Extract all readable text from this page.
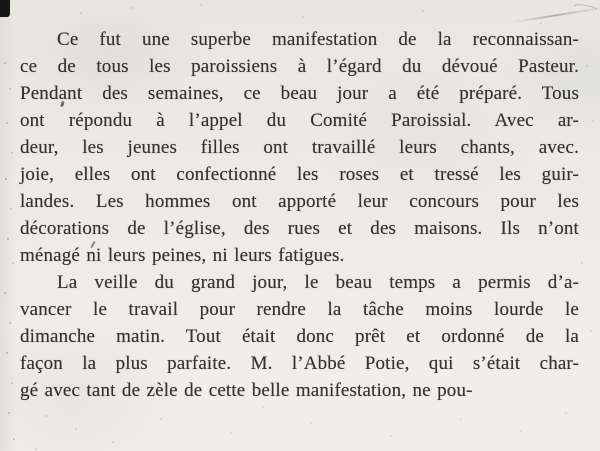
Ce fut une superbe manifestation de la reconnaissan-
ce de tous les paroissiens à l’égard du dévoué Pasteur.
Pendant des semaines, ce beau jour a été préparé. Tous
ont répondu à l’appel du Comité Paroissial. Avec ar-
deur, les jeunes filles ont travaillé leurs chants, avec.
joie, elles ont confectionné les roses et tressé les guir-
landes. Les hommes ont apporté leur concours pour les
décorations de l’église, des rues et des maisons. Ils n’ont
ménagé ni leurs peines, ni leurs fatigues.
La veille du grand jour, le beau temps a permis d’a-
vancer le travail pour rendre la tâche moins lourde le
dimanche matin. Tout était donc prêt et ordonné de la
façon la plus parfaite. M. l’Abbé Potie, qui s’était char-
gé avec tant de zèle de cette belle manifestation, ne pou-
